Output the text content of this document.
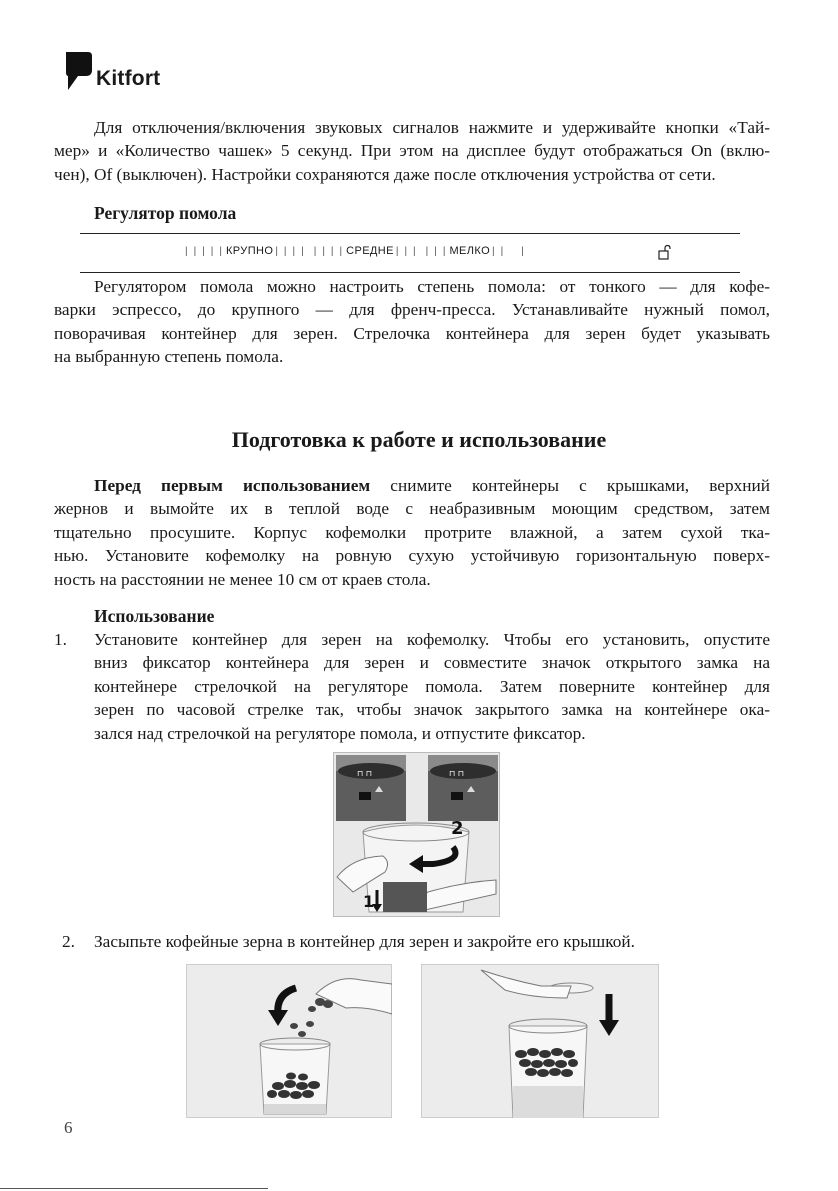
Kitfort
Для отключения/включения звуковых сигналов нажмите и удерживайте кнопки «Тай-
мер» и «Количество чашек» 5 секунд. При этом на дисплее будут отображаться On (вклю-
чен), Of (выключен). Настройки сохраняются даже после отключения устройства от сети.
Регулятор помола
| | | | | КРУПНО | | | |  | | | | СРЕДНЕ | | |  | | | МЕЛКО | |    |
Регулятором помола можно настроить степень помола: от тонкого — для кофе-
варки эспрессо, до крупного — для френч-пресса. Устанавливайте нужный помол,
поворачивая контейнер для зерен. Стрелочка контейнера для зерен будет указывать
на выбранную степень помола.
Подготовка к работе и использование
Перед первым использованием снимите контейнеры с крышками, верхний
жернов и вымойте их в теплой воде с неабразивным моющим средством, затем
тщательно просушите. Корпус кофемолки протрите влажной, а затем сухой тка-
нью. Установите кофемолку на ровную сухую устойчивую горизонтальную поверх-
ность на расстоянии не менее 10 см от краев стола.
Использование
1. Установите контейнер для зерен на кофемолку. Чтобы его установить, опустите
вниз фиксатор контейнера для зерен и совместите значок открытого замка на
контейнере стрелочкой на регуляторе помола. Затем поверните контейнер для
зерен по часовой стрелке так, чтобы значок закрытого замка на контейнере ока-
зался над стрелочкой на регуляторе помола, и отпустите фиксатор.
⊓ ⊓	⊓ ⊓
2
1
2. Засыпьте кофейные зерна в контейнер для зерен и закройте его крышкой.
6
